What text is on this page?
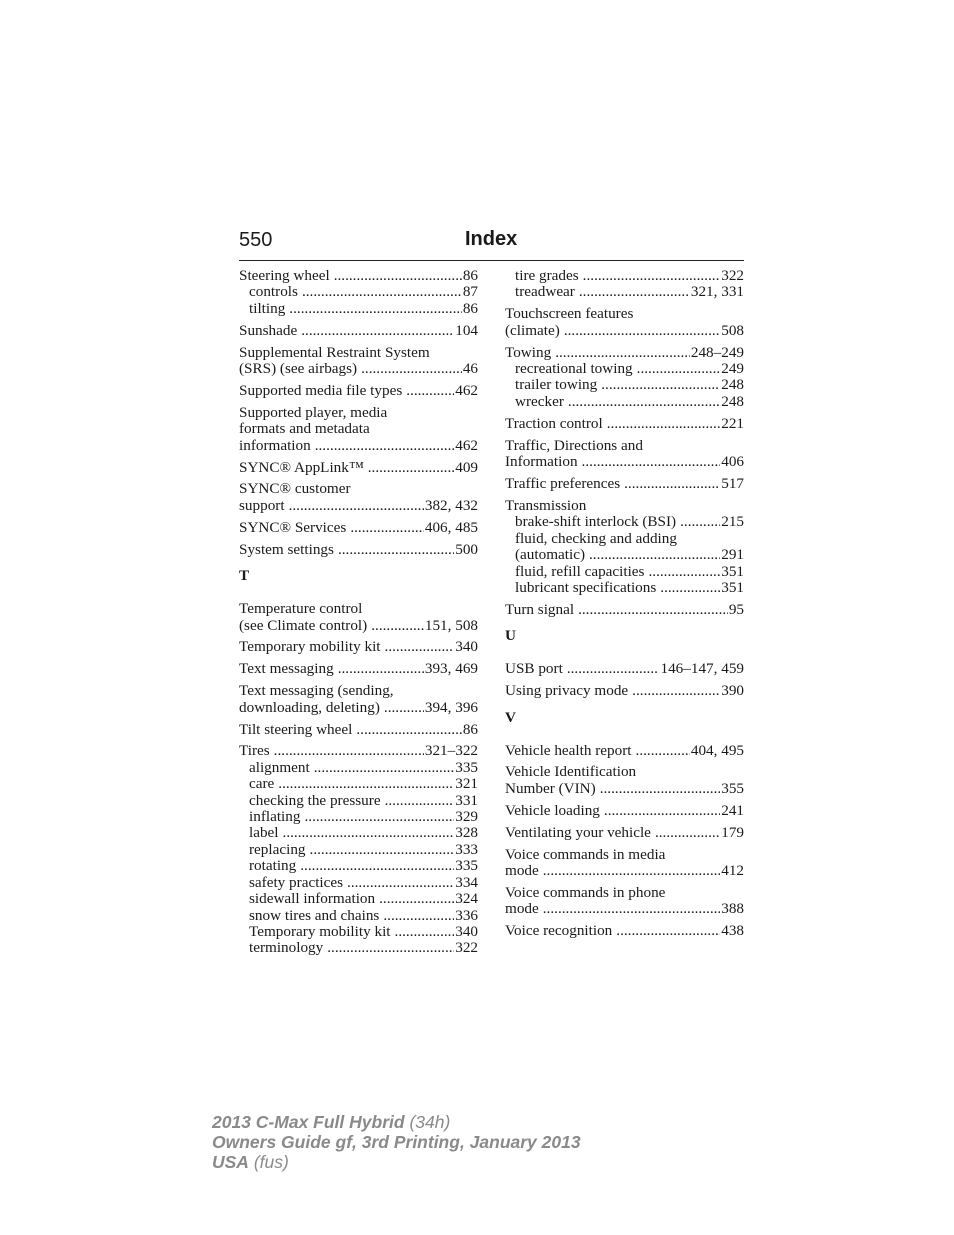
550	Index
Steering wheel .....	86
controls .....	87
tilting .....	86
Sunshade .....	104
Supplemental Restraint System
(SRS) (see airbags) .....	46
Supported media file types .....	462
Supported player, media
formats and metadata
information .....	462
SYNC® AppLink™ .....	409
SYNC® customer
support .....	382, 432
SYNC® Services .....	406, 485
System settings .....	500
T
Temperature control
(see Climate control) .....	151, 508
Temporary mobility kit .....	340
Text messaging .....	393, 469
Text messaging (sending,
downloading, deleting) .....	394, 396
Tilt steering wheel .....	86
Tires .....	321–322
alignment .....	335
care .....	321
checking the pressure .....	331
inflating .....	329
label .....	328
replacing .....	333
rotating .....	335
safety practices .....	334
sidewall information .....	324
snow tires and chains .....	336
Temporary mobility kit .....	340
terminology .....	322
tire grades .....	322
treadwear .....	321, 331
Touchscreen features
(climate) .....	508
Towing .....	248–249
recreational towing .....	249
trailer towing .....	248
wrecker .....	248
Traction control .....	221
Traffic, Directions and
Information .....	406
Traffic preferences .....	517
Transmission
brake-shift interlock (BSI) .....	215
fluid, checking and adding
(automatic) .....	291
fluid, refill capacities .....	351
lubricant specifications .....	351
Turn signal .....	95
U
USB port .....	146–147, 459
Using privacy mode .....	390
V
Vehicle health report .....	404, 495
Vehicle Identification
Number (VIN) .....	355
Vehicle loading .....	241
Ventilating your vehicle .....	179
Voice commands in media
mode .....	412
Voice commands in phone
mode .....	388
Voice recognition .....	438
2013 C-Max Full Hybrid (34h)
Owners Guide gf, 3rd Printing, January 2013
USA (fus)
